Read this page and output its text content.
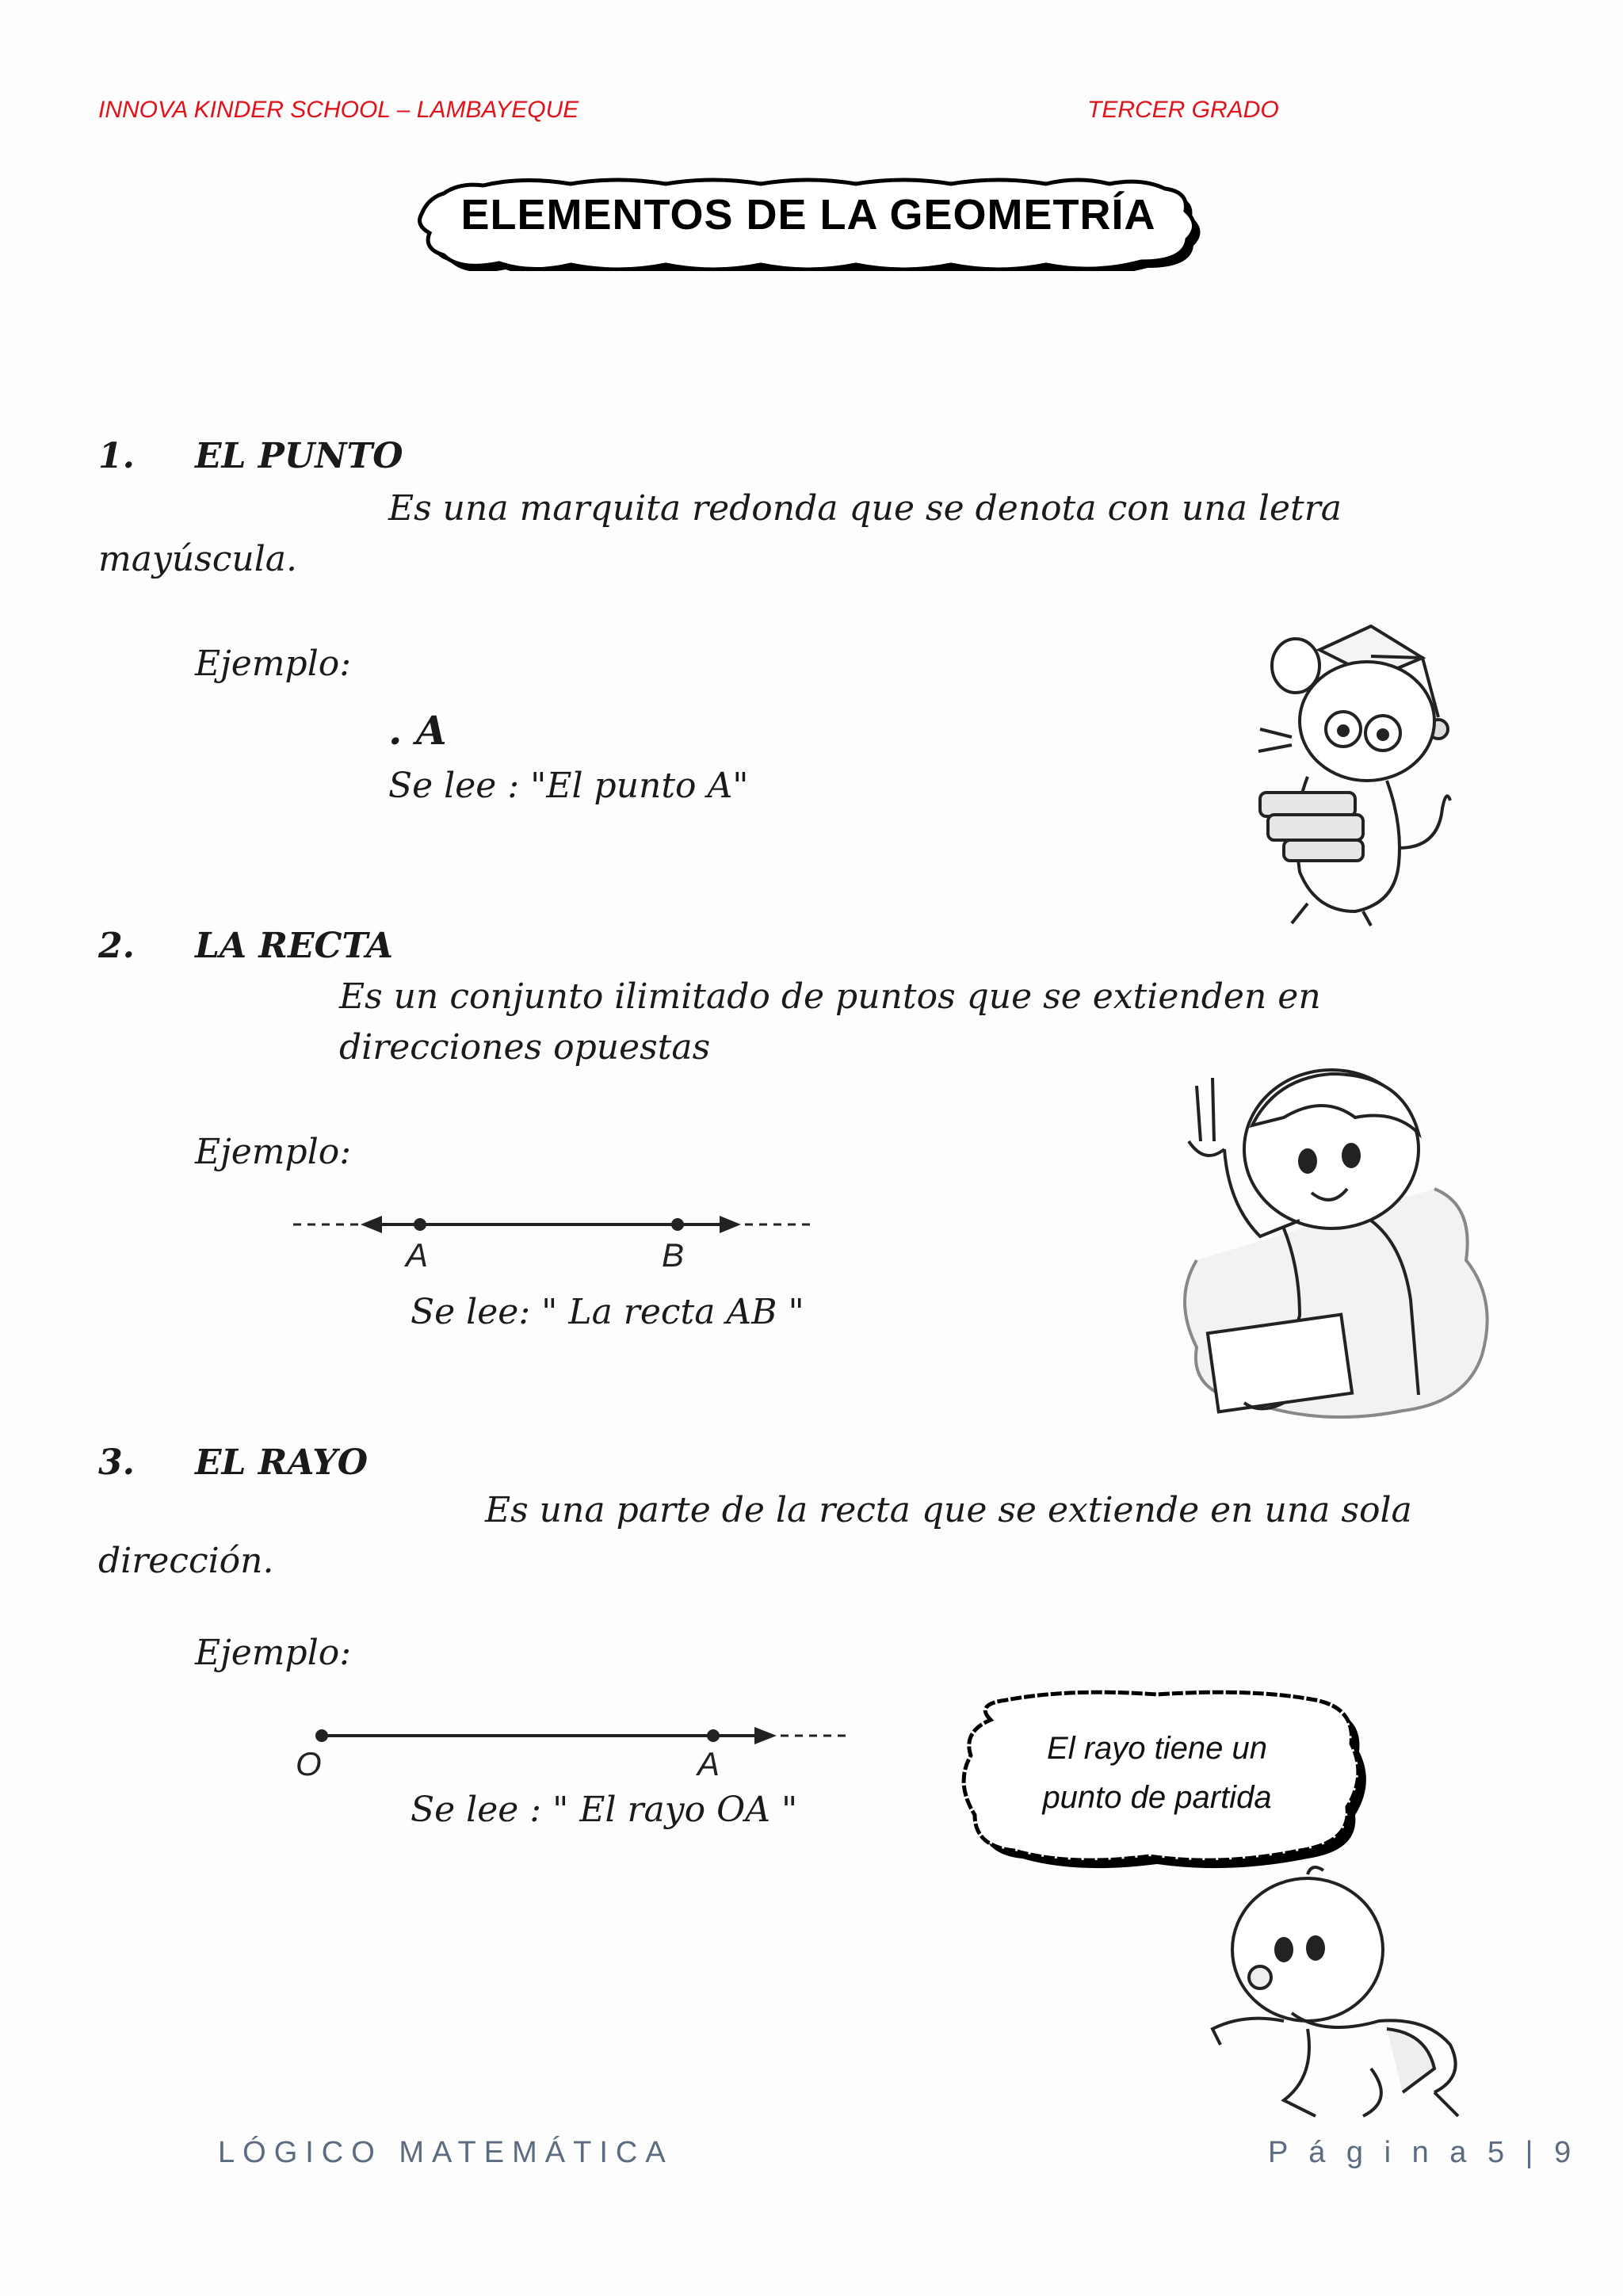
INNOVA KINDER SCHOOL – LAMBAYEQUE	TERCER GRADO
ELEMENTOS DE LA GEOMETRÍA
1. EL PUNTO
Es una marquita redonda que se denota con una letra
mayúscula.
Ejemplo:
. A
Se lee : "El punto A"
2. LA RECTA
Es un conjunto ilimitado de puntos que se extienden en
direcciones opuestas
Ejemplo:
A	B
Se lee: " La recta AB "
3. EL RAYO
Es una parte de la recta que se extiende en una sola
dirección.
Ejemplo:
O	A
Se lee : " El rayo OA "
El rayo tiene un
punto de partida
LÓGICO MATEMÁTICA	P á g i n a 5 | 9
